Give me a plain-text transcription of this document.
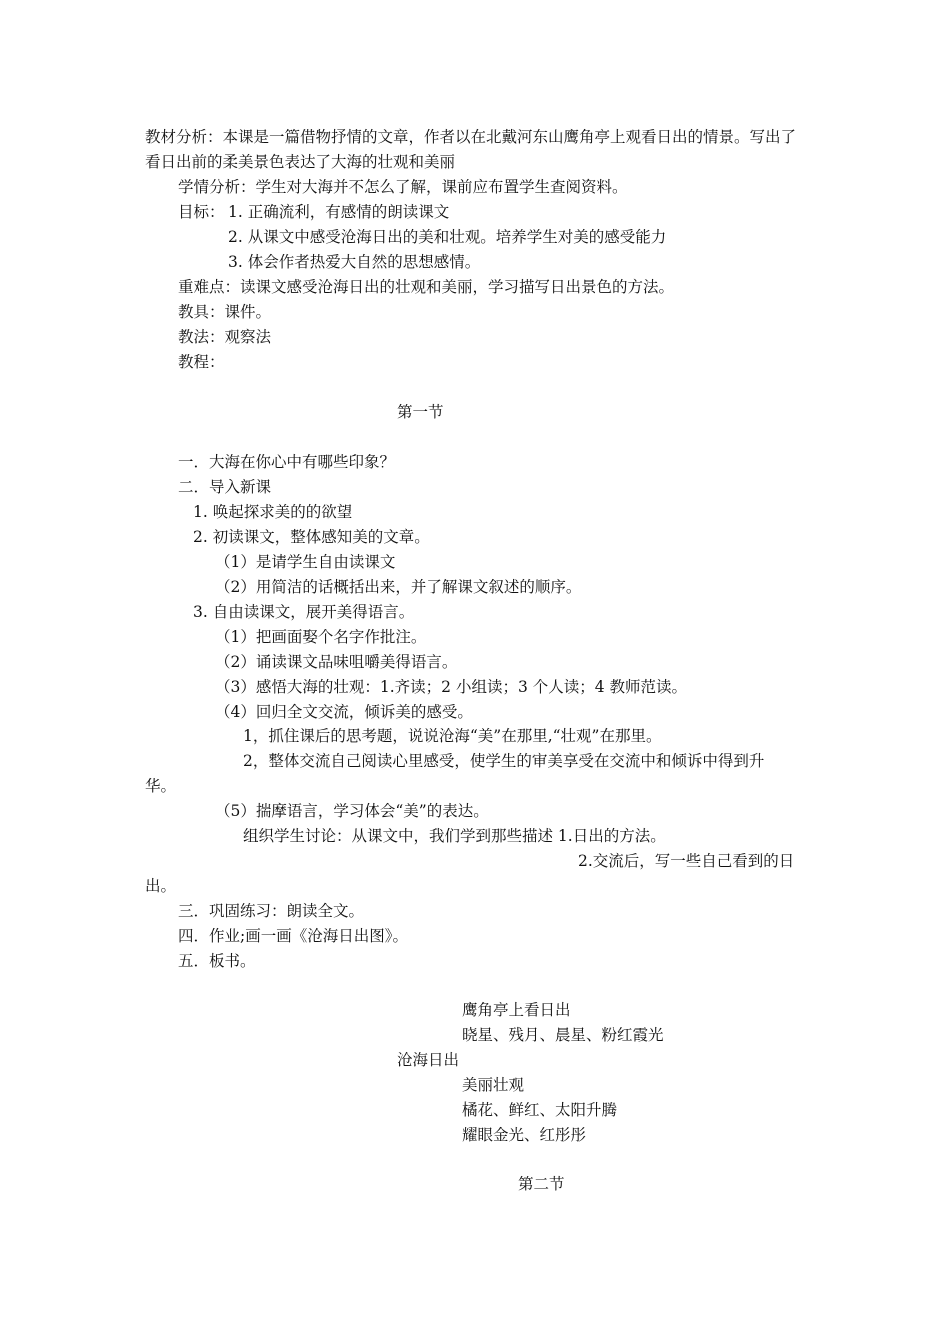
教材分析：本课是一篇借物抒情的文章，作者以在北戴河东山鹰角亭上观看日出的情景。写出了看日出前的柔美景色表达了大海的壮观和美丽
学情分析：学生对大海并不怎么了解，课前应布置学生查阅资料。
目标： 1. 正确流利，有感情的朗读课文
2. 从课文中感受沧海日出的美和壮观。培养学生对美的感受能力
3. 体会作者热爱大自然的思想感情。
重难点：读课文感受沧海日出的壮观和美丽，学习描写日出景色的方法。
教具：课件。
教法：观察法
教程：
第一节
一．大海在你心中有哪些印象？
二．导入新课
1. 唤起探求美的的欲望
2. 初读课文，整体感知美的文章。
（1）是请学生自由读课文
（2）用简洁的话概括出来，并了解课文叙述的顺序。
3. 自由读课文，展开美得语言。
（1）把画面娶个名字作批注。
（2）诵读课文品味咀嚼美得语言。
（3）感悟大海的壮观：1.齐读；2 小组读；3 个人读；4 教师范读。
（4）回归全文交流，倾诉美的感受。
1，抓住课后的思考题，说说沧海“美”在那里,“壮观”在那里。
2，整体交流自己阅读心里感受，使学生的审美享受在交流中和倾诉中得到升
华。
（5）揣摩语言，学习体会“美”的表达。
组织学生讨论：从课文中，我们学到那些描述 1.日出的方法。
2.交流后，写一些自己看到的日
出。
三．巩固练习：朗读全文。
四．作业;画一画《沧海日出图》。
五．板书。
鹰角亭上看日出
晓星、残月、晨星、粉红霞光
沧海日出
美丽壮观
橘花、鲜红、太阳升腾
耀眼金光、红彤彤
第二节
